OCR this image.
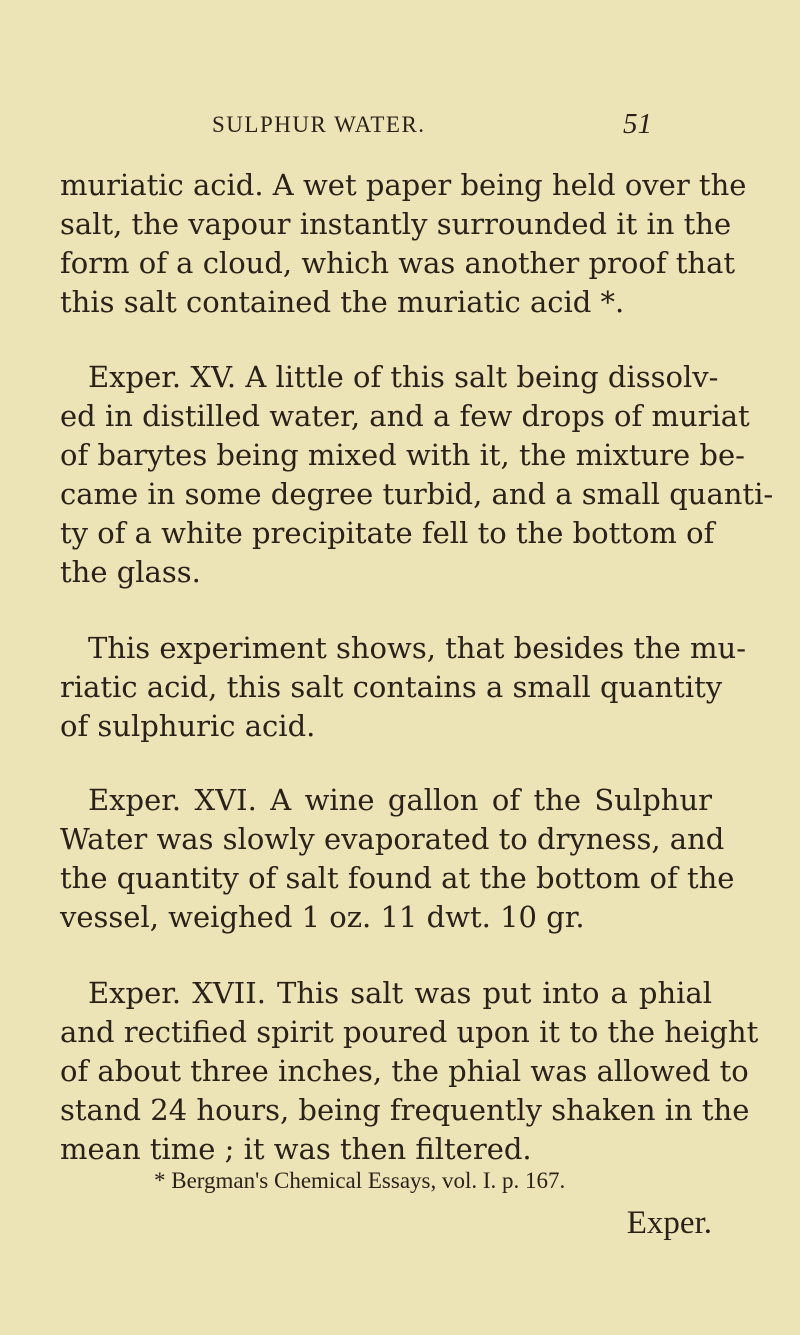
SULPHUR WATER.	51
muriatic acid. A wet paper being held over the
salt, the vapour instantly surrounded it in the
form of a cloud, which was another proof that
this salt contained the muriatic acid *.
Exper. XV. A little of this salt being dissolv-
ed in distilled water, and a few drops of muriat
of barytes being mixed with it, the mixture be-
came in some degree turbid, and a small quanti-
ty of a white precipitate fell to the bottom of
the glass.
This experiment shows, that besides the mu-
riatic acid, this salt contains a small quantity
of sulphuric acid.
Exper. XVI. A wine gallon of the Sulphur
Water was slowly evaporated to dryness, and
the quantity of salt found at the bottom of the
vessel, weighed 1 oz. 11 dwt. 10 gr.
Exper. XVII. This salt was put into a phial
and rectified spirit poured upon it to the height
of about three inches, the phial was allowed to
stand 24 hours, being frequently shaken in the
mean time ; it was then filtered.
* Bergman's Chemical Essays, vol. I. p. 167.
Exper.
